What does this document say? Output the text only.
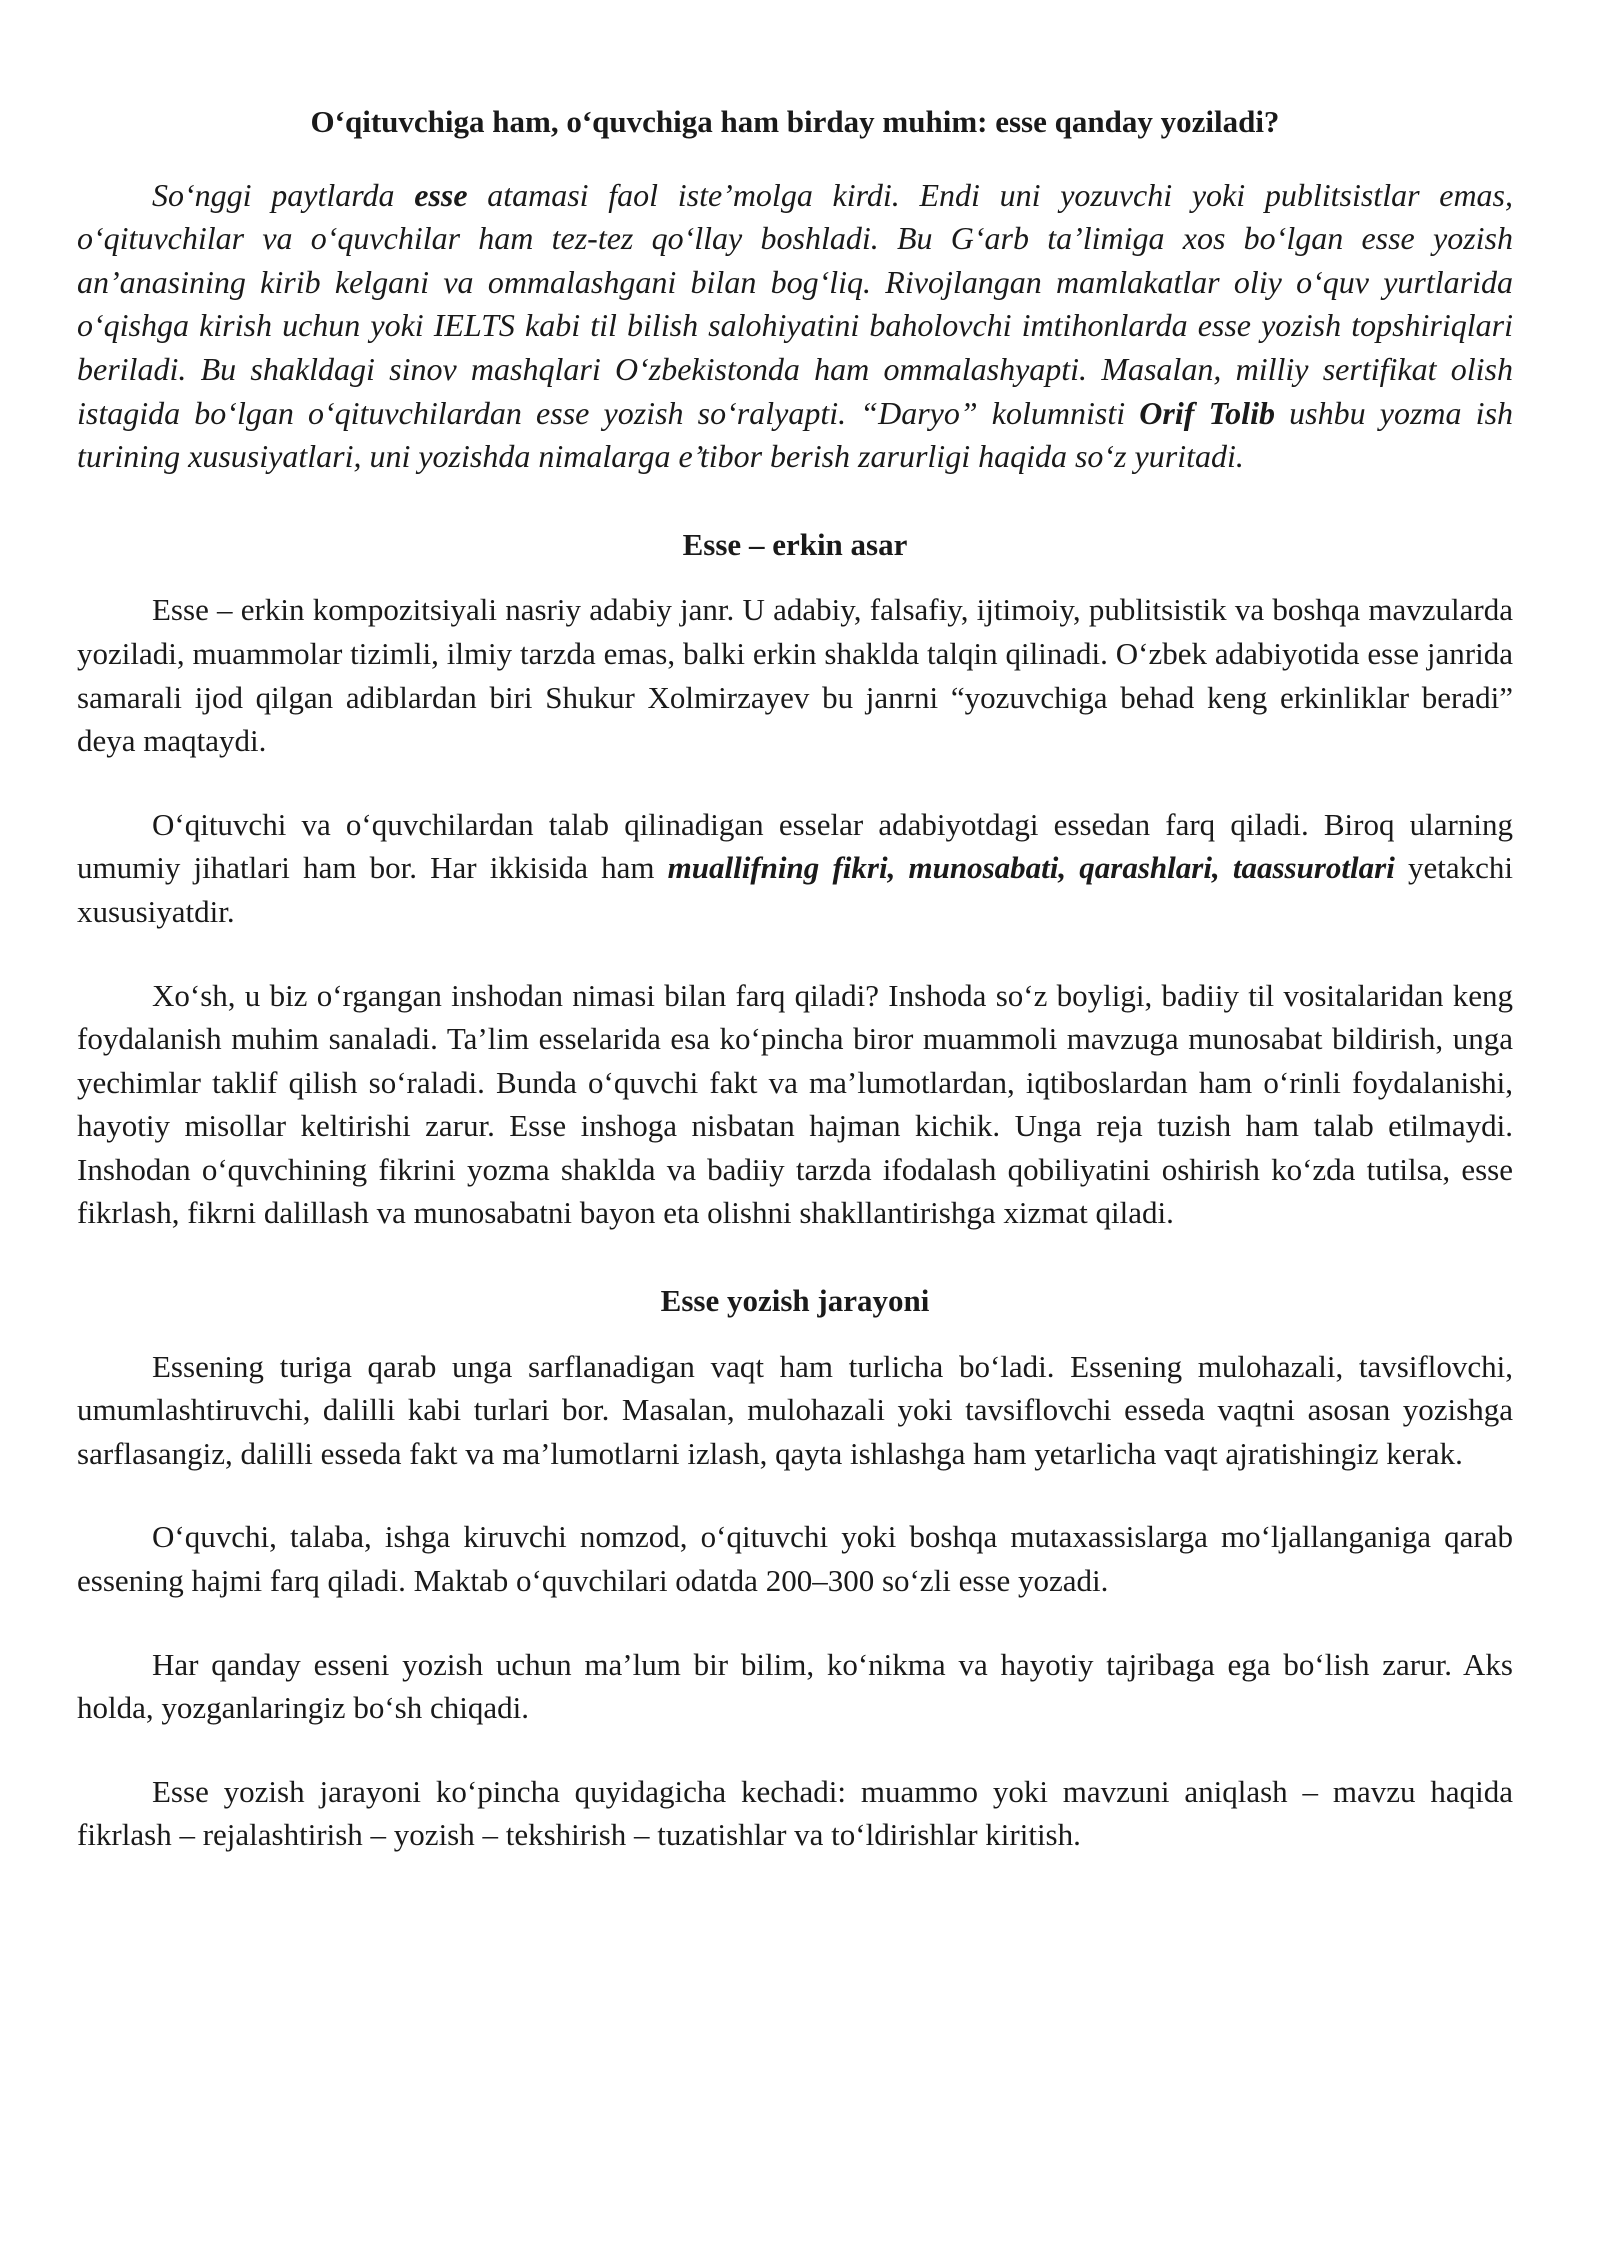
O‘qituvchiga ham, o‘quvchiga ham birday muhim: esse qanday yoziladi?

So‘nggi paytlarda esse atamasi faol iste’molga kirdi. Endi uni yozuvchi yoki publitsistlar emas, o‘qituvchilar va o‘quvchilar ham tez-tez qo‘llay boshladi. Bu G‘arb ta’limiga xos bo‘lgan esse yozish an’anasining kirib kelgani va ommalashgani bilan bog‘liq. Rivojlangan mamlakatlar oliy o‘quv yurtlarida o‘qishga kirish uchun yoki IELTS kabi til bilish salohiyatini baholovchi imtihonlarda esse yozish topshiriqlari beriladi. Bu shakldagi sinov mashqlari O‘zbekistonda ham ommalashyapti. Masalan, milliy sertifikat olish istagida bo‘lgan o‘qituvchilardan esse yozish so‘ralyapti. “Daryo” kolumnisti Orif Tolib ushbu yozma ish turining xususiyatlari, uni yozishda nimalarga e’tibor berish zarurligi haqida so‘z yuritadi.

Esse – erkin asar

Esse – erkin kompozitsiyali nasriy adabiy janr. U adabiy, falsafiy, ijtimoiy, publitsistik va boshqa mavzularda yoziladi, muammolar tizimli, ilmiy tarzda emas, balki erkin shaklda talqin qilinadi. O‘zbek adabiyotida esse janrida samarali ijod qilgan adiblardan biri Shukur Xolmirzayev bu janrni “yozuvchiga behad keng erkinliklar beradi” deya maqtaydi.

O‘qituvchi va o‘quvchilardan talab qilinadigan esselar adabiyotdagi essedan farq qiladi. Biroq ularning umumiy jihatlari ham bor. Har ikkisida ham muallifning fikri, munosabati, qarashlari, taassurotlari yetakchi xususiyatdir.

Xo‘sh, u biz o‘rgangan inshodan nimasi bilan farq qiladi? Inshoda so‘z boyligi, badiiy til vositalaridan keng foydalanish muhim sanaladi. Ta’lim esselarida esa ko‘pincha biror muammoli mavzuga munosabat bildirish, unga yechimlar taklif qilish so‘raladi. Bunda o‘quvchi fakt va ma’lumotlardan, iqtiboslardan ham o‘rinli foydalanishi, hayotiy misollar keltirishi zarur. Esse inshoga nisbatan hajman kichik. Unga reja tuzish ham talab etilmaydi. Inshodan o‘quvchining fikrini yozma shaklda va badiiy tarzda ifodalash qobiliyatini oshirish ko‘zda tutilsa, esse fikrlash, fikrni dalillash va munosabatni bayon eta olishni shakllantirishga xizmat qiladi.

Esse yozish jarayoni

Essening turiga qarab unga sarflanadigan vaqt ham turlicha bo‘ladi. Essening mulohazali, tavsiflovchi, umumlashtiruvchi, dalilli kabi turlari bor. Masalan, mulohazali yoki tavsiflovchi esseda vaqtni asosan yozishga sarflasangiz, dalilli esseda fakt va ma’lumotlarni izlash, qayta ishlashga ham yetarlicha vaqt ajratishingiz kerak.

O‘quvchi, talaba, ishga kiruvchi nomzod, o‘qituvchi yoki boshqa mutaxassislarga mo‘ljallanganiga qarab essening hajmi farq qiladi. Maktab o‘quvchilari odatda 200–300 so‘zli esse yozadi.

Har qanday esseni yozish uchun ma’lum bir bilim, ko‘nikma va hayotiy tajribaga ega bo‘lish zarur. Aks holda, yozganlaringiz bo‘sh chiqadi.

Esse yozish jarayoni ko‘pincha quyidagicha kechadi: muammo yoki mavzuni aniqlash – mavzu haqida fikrlash – rejalashtirish – yozish – tekshirish – tuzatishlar va to‘ldirishlar kiritish.
